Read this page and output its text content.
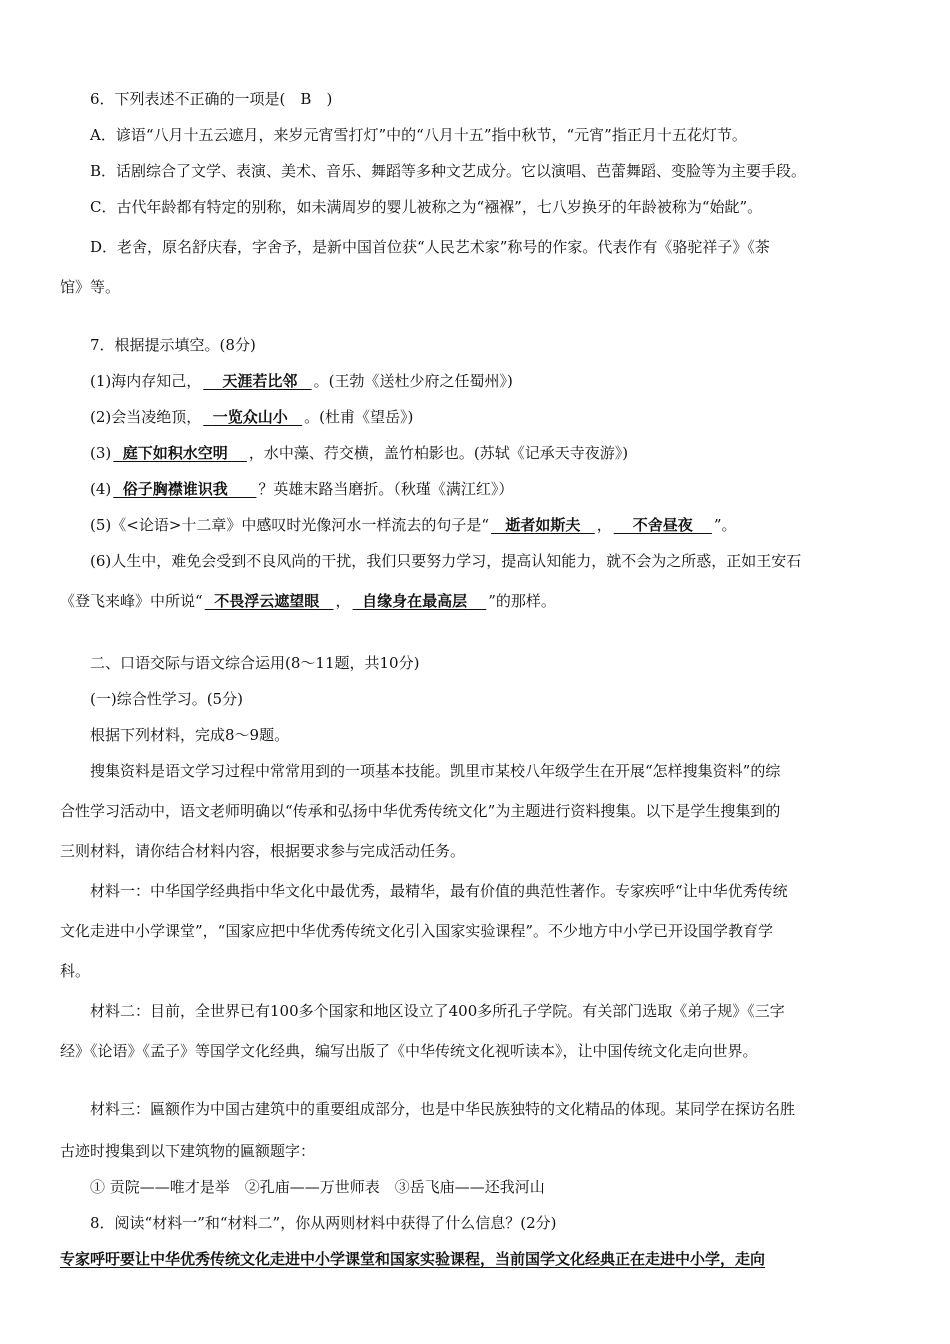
6．下列表述不正确的一项是(　B　)
A．谚语“八月十五云遮月，来岁元宵雪打灯”中的“八月十五”指中秋节，“元宵”指正月十五花灯节。
B．话剧综合了文学、表演、美术、音乐、舞蹈等多种文艺成分。它以演唱、芭蕾舞蹈、变脸等为主要手段。
C．古代年龄都有特定的别称，如未满周岁的婴儿被称之为“襁褓”，七八岁换牙的年龄被称为“始龀”。
D．老舍，原名舒庆春，字舍予，是新中国首位获“人民艺术家”称号的作家。代表作有《骆驼祥子》《茶
馆》等。
7．根据提示填空。(8分)
(1)海内存知己， 天涯若比邻 。(王勃《送杜少府之任蜀州》)
(2)会当凌绝顶， 一览众山小 。(杜甫《望岳》)
(3) 庭下如积水空明 ，水中藻、荇交横，盖竹柏影也。(苏轼《记承天寺夜游》)
(4) 俗子胸襟谁识我 ？英雄末路当磨折。（秋瑾《满江红》）
(5)《<论语>十二章》中感叹时光像河水一样流去的句子是“ 逝者如斯夫 ， 不舍昼夜 ”。
(6)人生中，难免会受到不良风尚的干扰，我们只要努力学习，提高认知能力，就不会为之所惑，正如王安石
《登飞来峰》中所说“ 不畏浮云遮望眼 ， 自缘身在最高层 ”的那样。
二、口语交际与语文综合运用(8～11题，共10分)
(一)综合性学习。(5分)
根据下列材料，完成8～9题。
搜集资料是语文学习过程中常常用到的一项基本技能。凯里市某校八年级学生在开展“怎样搜集资料”的综
合性学习活动中，语文老师明确以“传承和弘扬中华优秀传统文化”为主题进行资料搜集。以下是学生搜集到的
三则材料，请你结合材料内容，根据要求参与完成活动任务。
材料一：中华国学经典指中华文化中最优秀，最精华，最有价值的典范性著作。专家疾呼“让中华优秀传统
文化走进中小学课堂”，“国家应把中华优秀传统文化引入国家实验课程”。不少地方中小学已开设国学教育学
科。
材料二：目前，全世界已有100多个国家和地区设立了400多所孔子学院。有关部门选取《弟子规》《三字
经》《论语》《孟子》等国学文化经典，编写出版了《中华传统文化视听读本》，让中国传统文化走向世界。
材料三：匾额作为中国古建筑中的重要组成部分，也是中华民族独特的文化精品的体现。某同学在探访名胜
古迹时搜集到以下建筑物的匾额题字：
① 贡院——唯才是举　②孔庙——万世师表　③岳飞庙——还我河山
8．阅读“材料一”和“材料二”，你从两则材料中获得了什么信息？(2分)
专家呼吁要让中华优秀传统文化走进中小学课堂和国家实验课程，当前国学文化经典正在走进中小学，走向
